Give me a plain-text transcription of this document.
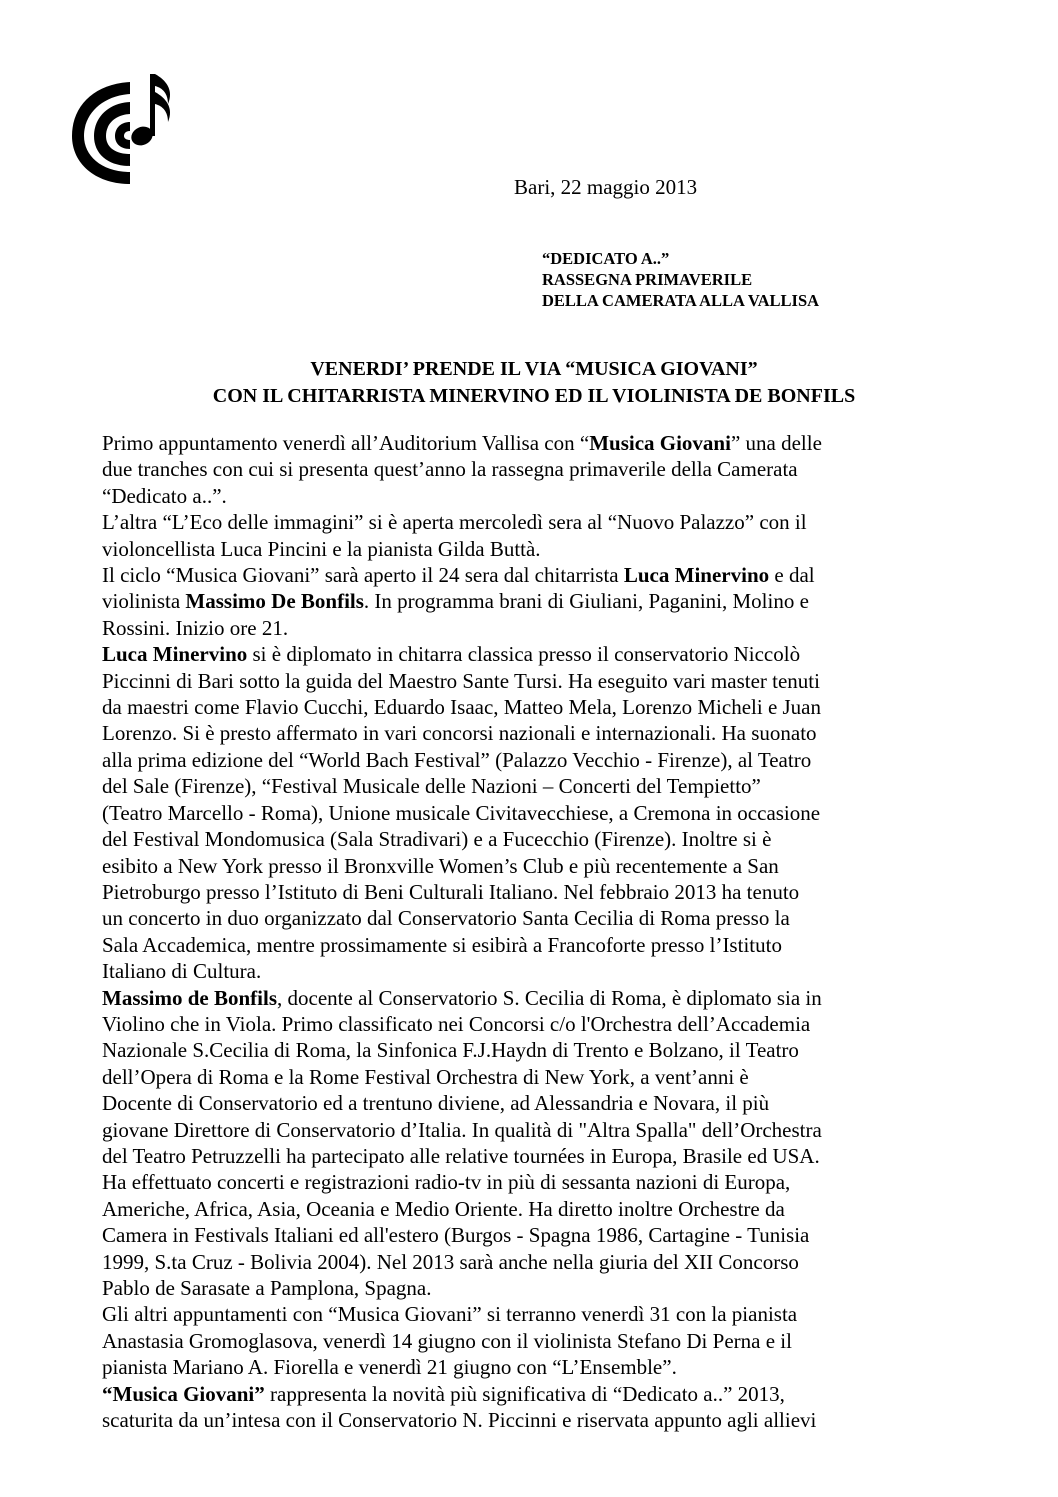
Bari, 22 maggio 2013
“DEDICATO A..”
RASSEGNA PRIMAVERILE
DELLA CAMERATA ALLA VALLISA
VENERDI’ PRENDE IL VIA “MUSICA GIOVANI”
CON IL CHITARRISTA MINERVINO ED IL VIOLINISTA DE BONFILS

Primo appuntamento venerdì all’Auditorium Vallisa con “Musica Giovani” una delle
due tranches con cui si presenta quest’anno la rassegna primaverile della Camerata
“Dedicato a..”.

L’altra “L’Eco delle immagini” si è aperta mercoledì sera al “Nuovo Palazzo” con il
violoncellista Luca Pincini e la pianista Gilda Buttà.

Il ciclo “Musica Giovani” sarà aperto il 24 sera dal chitarrista Luca Minervino e dal
violinista Massimo De Bonfils. In programma brani di Giuliani, Paganini, Molino e
Rossini. Inizio ore 21.

Luca Minervino si è diplomato in chitarra classica presso il conservatorio Niccolò
Piccinni di Bari sotto la guida del Maestro Sante Tursi. Ha eseguito vari master tenuti
da maestri come Flavio Cucchi, Eduardo Isaac, Matteo Mela, Lorenzo Micheli e Juan
Lorenzo. Si è presto affermato in vari concorsi nazionali e internazionali. Ha suonato
alla prima edizione del “World Bach Festival” (Palazzo Vecchio - Firenze), al Teatro
del Sale (Firenze), “Festival Musicale delle Nazioni – Concerti del Tempietto”
(Teatro Marcello - Roma), Unione musicale Civitavecchiese, a Cremona in occasione
del Festival Mondomusica (Sala Stradivari) e a Fucecchio (Firenze). Inoltre si è
esibito a New York presso il Bronxville Women’s Club e più recentemente a San
Pietroburgo presso l’Istituto di Beni Culturali Italiano. Nel febbraio 2013 ha tenuto
un concerto in duo organizzato dal Conservatorio Santa Cecilia di Roma presso la
Sala Accademica, mentre prossimamente si esibirà a Francoforte presso l’Istituto
Italiano di Cultura.

Massimo de Bonfils, docente al Conservatorio S. Cecilia di Roma, è diplomato sia in
Violino che in Viola. Primo classificato nei Concorsi c/o l'Orchestra dell’Accademia
Nazionale S.Cecilia di Roma, la Sinfonica F.J.Haydn di Trento e Bolzano, il Teatro
dell’Opera di Roma e la Rome Festival Orchestra di New York, a vent’anni è
Docente di Conservatorio ed a trentuno diviene, ad Alessandria e Novara, il più
giovane Direttore di Conservatorio d’Italia. In qualità di "Altra Spalla" dell’Orchestra
del Teatro Petruzzelli ha partecipato alle relative tournées in Europa, Brasile ed USA.
Ha effettuato concerti e registrazioni radio-tv in più di sessanta nazioni di Europa,
Americhe, Africa, Asia, Oceania e Medio Oriente. Ha diretto inoltre Orchestre da
Camera in Festivals Italiani ed all'estero (Burgos - Spagna 1986, Cartagine - Tunisia
1999, S.ta Cruz - Bolivia 2004). Nel 2013 sarà anche nella giuria del XII Concorso
Pablo de Sarasate a Pamplona, Spagna.

Gli altri appuntamenti con “Musica Giovani” si terranno venerdì 31 con la pianista
Anastasia Gromoglasova, venerdì 14 giugno con il violinista Stefano Di Perna e il
pianista Mariano A. Fiorella e venerdì 21 giugno con “L’Ensemble”.

“Musica Giovani” rappresenta la novità più significativa di “Dedicato a..” 2013,
scaturita da un’intesa con il Conservatorio N. Piccinni e riservata appunto agli allievi
